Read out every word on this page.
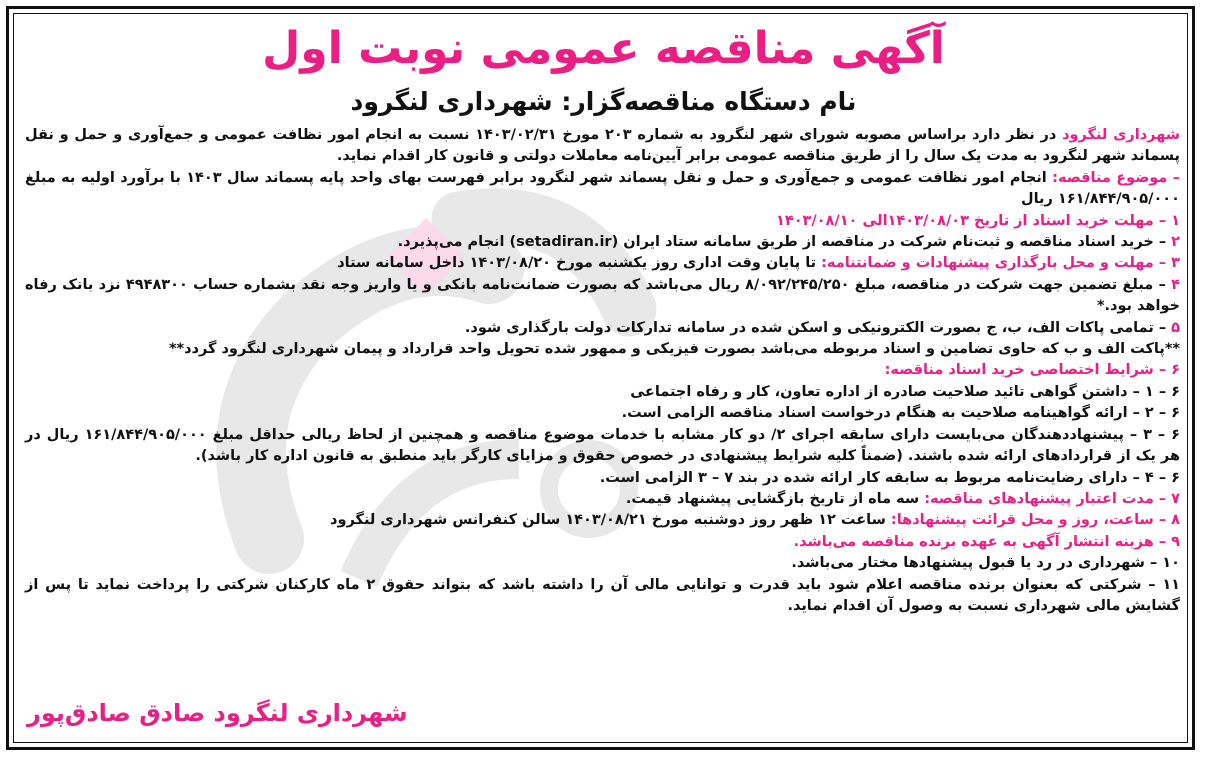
آگهی مناقصه عمومی نوبت اول
نام دستگاه مناقصه‌گزار: شهرداری لنگرود
شهرداری لنگرود در نظر دارد براساس مصوبه شورای شهر لنگرود به شماره ۲۰۳ مورخ ۱۴۰۳/۰۲/۳۱ نسبت به انجام امور نظافت عمومی و جمع‌آوری و حمل و نقل پسماند شهر لنگرود به مدت یک سال را از طریق مناقصه عمومی برابر آیین‌نامه معاملات دولتی و قانون کار اقدام نماید.
– موضوع مناقصه: انجام امور نظافت عمومی و جمع‌آوری و حمل و نقل پسماند شهر لنگرود برابر فهرست بهای واحد پایه پسماند سال ۱۴۰۳ با برآورد اولیه به مبلغ ۱۶۱/۸۴۴/۹۰۵/۰۰۰ ریال
۱ – مهلت خرید اسناد از تاریخ ۱۴۰۳/۰۸/۰۳الی ۱۴۰۳/۰۸/۱۰
۲ – خرید اسناد مناقصه و ثبت‌نام شرکت در مناقصه از طریق سامانه ستاد ایران (setadiran.ir) انجام می‌پذیرد.
۳ – مهلت و محل بارگذاری پیشنهادات و ضمانتنامه: تا پایان وقت اداری روز یکشنبه مورخ ۱۴۰۳/۰۸/۲۰ داخل سامانه ستاد
۴ – مبلغ تضمین جهت شرکت در مناقصه، مبلغ ۸/۰۹۲/۲۴۵/۲۵۰ ریال می‌باشد که بصورت ضمانت‌نامه بانکی و یا واریز وجه نقد بشماره حساب ۴۹۴۸۳۰۰ نزد بانک رفاه خواهد بود.*
۵ – تمامی پاکات الف، ب، ج بصورت الکترونیکی و اسکن شده در سامانه تدارکات دولت بارگذاری شود.
**پاکت الف و ب که حاوی تضامین و اسناد مربوطه می‌باشد بصورت فیزیکی و ممهور شده تحویل واحد قرارداد و پیمان شهرداری لنگرود گردد**
۶ – شرایط اختصاصی خرید اسناد مناقصه:
۶ – ۱ – داشتن گواهی تائید صلاحیت صادره از اداره تعاون، کار و رفاه اجتماعی
۶ – ۲ – ارائه گواهینامه صلاحیت به هنگام درخواست اسناد مناقصه الزامی است.
۶ – ۳ – پیشنهاددهندگان می‌بایست دارای سابقه اجرای ۲/ دو کار مشابه با خدمات موضوع مناقصه و همچنین از لحاظ ریالی حداقل مبلغ ۱۶۱/۸۴۴/۹۰۵/۰۰۰ ریال در هر یک از قراردادهای ارائه شده باشند. (ضمناً کلیه شرایط پیشنهادی در خصوص حقوق و مزایای کارگر باید منطبق به قانون اداره کار باشد).
۶ – ۴ – دارای رضایت‌نامه مربوط به سابقه کار ارائه شده در بند ۷ – ۳ الزامی است.
۷ – مدت اعتبار پیشنهادهای مناقصه: سه ماه از تاریخ بازگشایی پیشنهاد قیمت.
۸ – ساعت، روز و محل قرائت پیشنهادها: ساعت ۱۲ ظهر روز دوشنبه مورخ ۱۴۰۳/۰۸/۲۱ سالن کنفرانس شهرداری لنگرود
۹ – هزینه انتشار آگهی به عهده برنده مناقصه می‌باشد.
۱۰ – شهرداری در رد یا قبول پیشنهادها مختار می‌باشد.
۱۱ – شرکتی که بعنوان برنده مناقصه اعلام شود باید قدرت و توانایی مالی آن را داشته باشد که بتواند حقوق ۲ ماه کارکنان شرکتی را پرداخت نماید تا پس از گشایش مالی شهرداری نسبت به وصول آن اقدام نماید.
شهرداری لنگرود صادق صادق‌پور
